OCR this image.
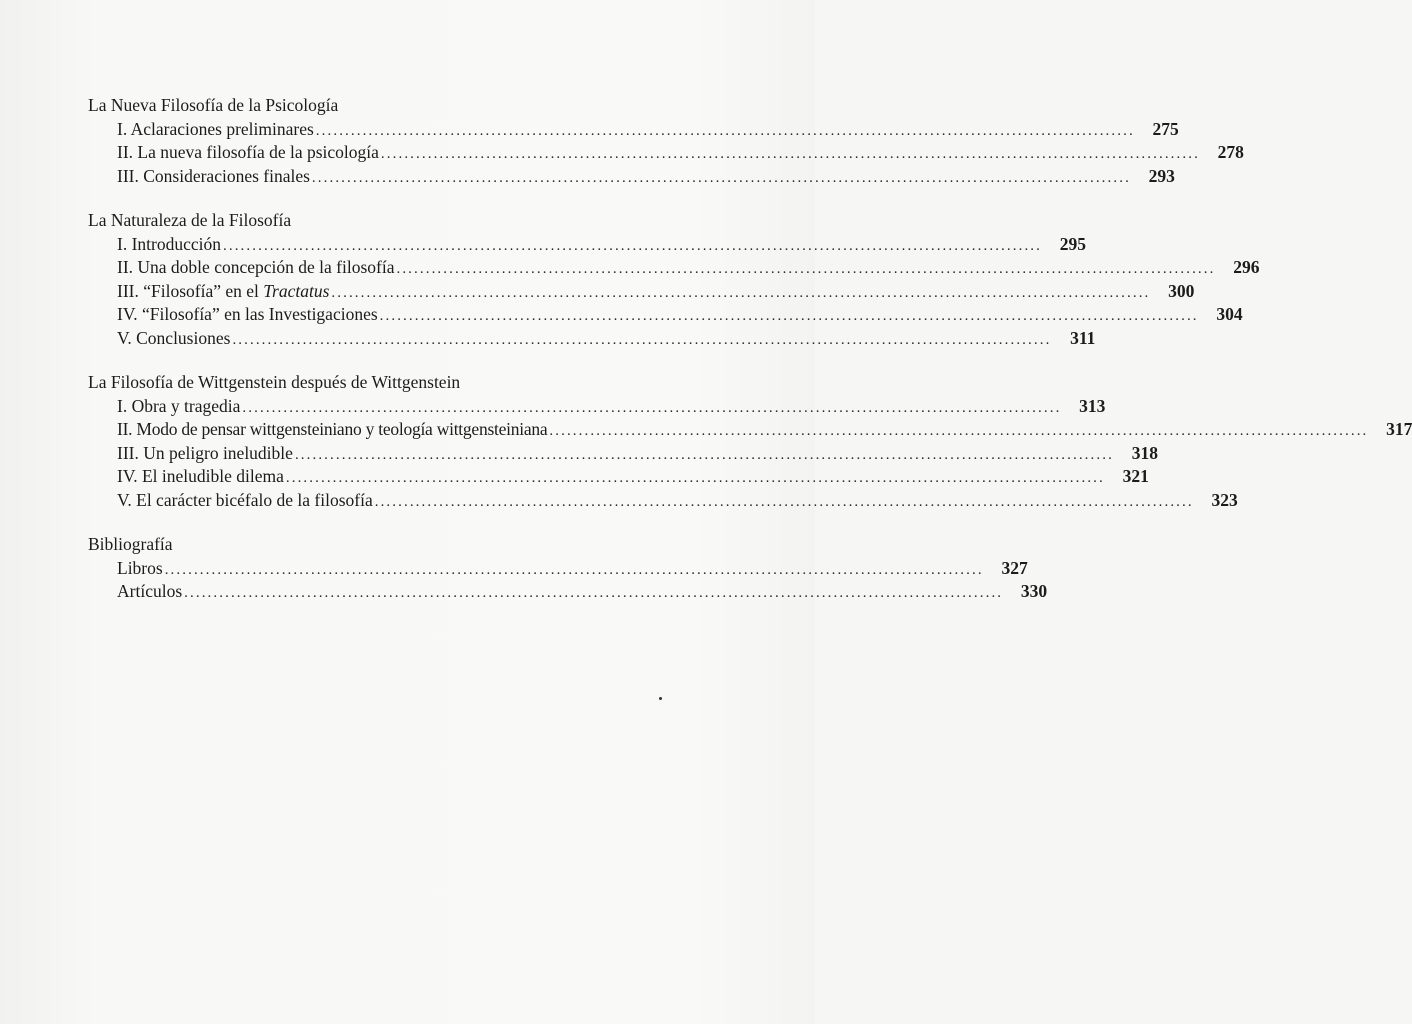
La Nueva Filosofía de la Psicología
I. Aclaraciones preliminares ............................................................................................................................................	275
II. La nueva filosofía de la psicología ............................................................................................................................................	278
III. Consideraciones finales ............................................................................................................................................	293
La Naturaleza de la Filosofía
I. Introducción ............................................................................................................................................	295
II. Una doble concepción de la filosofía ............................................................................................................................................	296
III. “Filosofía” en el Tractatus ............................................................................................................................................	300
IV. “Filosofía” en las Investigaciones ............................................................................................................................................	304
V. Conclusiones ............................................................................................................................................	311
La Filosofía de Wittgenstein después de Wittgenstein
I. Obra y tragedia ............................................................................................................................................	313
II. Modo de pensar wittgensteiniano y teología wittgensteiniana ............................................................................................................................................	317
III. Un peligro ineludible ............................................................................................................................................	318
IV. El ineludible dilema ............................................................................................................................................	321
V. El carácter bicéfalo de la filosofía ............................................................................................................................................	323
Bibliografía
Libros ............................................................................................................................................	327
Artículos ............................................................................................................................................	330
